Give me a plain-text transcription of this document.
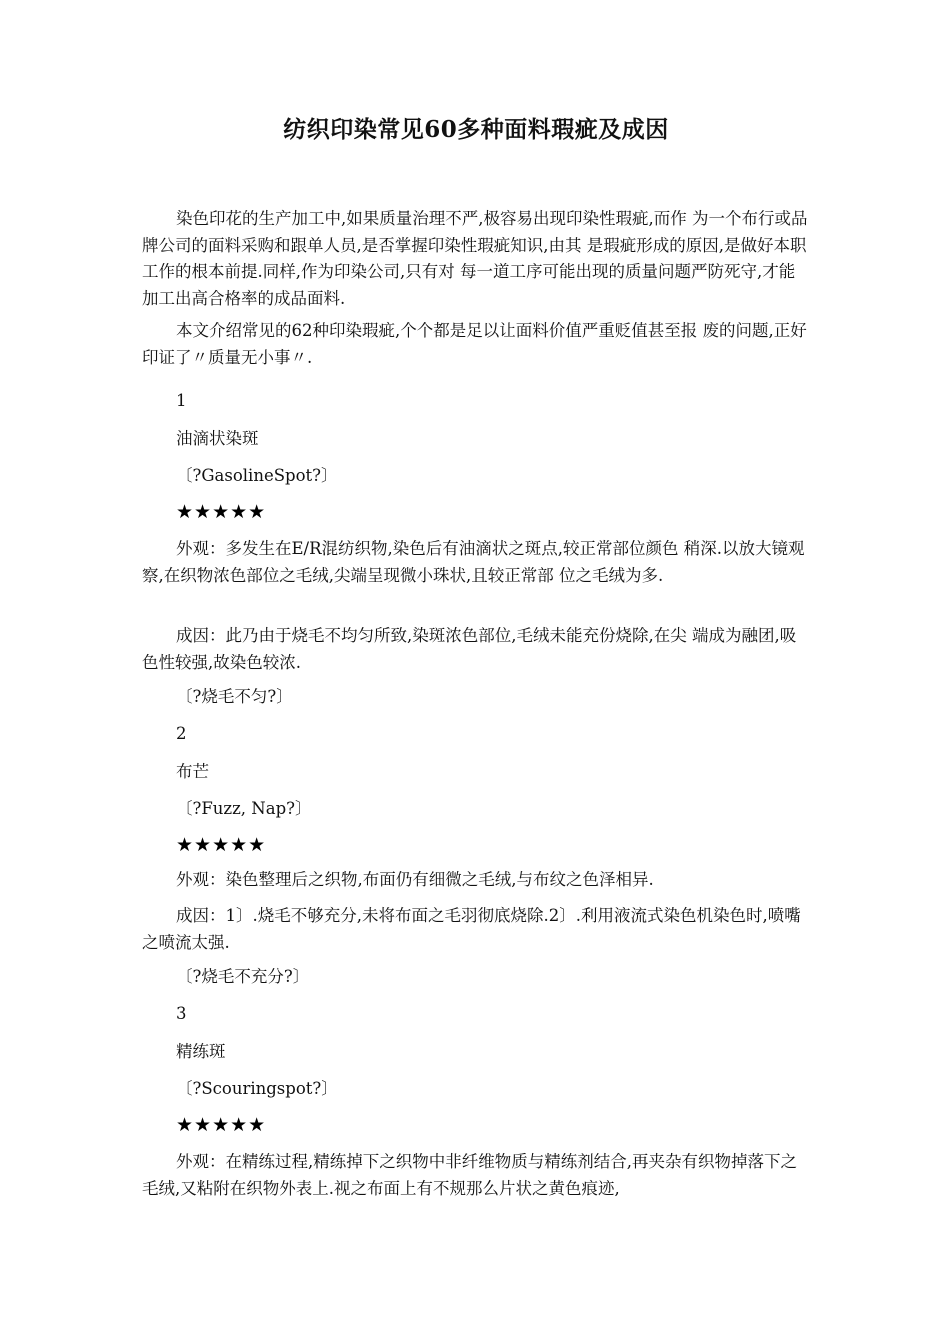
纺织印染常见60多种面料瑕疵及成因

染色印花的生产加工中,如果质量治理不严,极容易出现印染性瑕疵,而作 为一个布行或品牌公司的面料采购和跟单人员,是否掌握印染性瑕疵知识,由其 是瑕疵形成的原因,是做好本职工作的根本前提.同样,作为印染公司,只有对 每一道工序可能出现的质量问题严防死守,才能加工出高合格率的成品面料.

本文介绍常见的62种印染瑕疵,个个都是足以让面料价值严重贬值甚至报 废的问题,正好印证了〃质量无小事〃.

1
油滴状染斑
〔?GasolineSpot?〕
★★★★★

外观：多发生在E/R混纺织物,染色后有油滴状之斑点,较正常部位颜色 稍深.以放大镜观察,在织物浓色部位之毛绒,尖端呈现微小珠状,且较正常部 位之毛绒为多.

成因：此乃由于烧毛不均匀所致,染斑浓色部位,毛绒未能充份烧除,在尖 端成为融团,吸色性较强,故染色较浓.

〔?烧毛不匀?〕
2
布芒
〔?Fuzz, Nap?〕
★★★★★

外观：染色整理后之织物,布面仍有细微之毛绒,与布纹之色泽相异.

成因：1〕.烧毛不够充分,未将布面之毛羽彻底烧除.2〕.利用液流式染色机染色时,喷嘴之喷流太强.

〔?烧毛不充分?〕
3
精练斑
〔?Scouringspot?〕
★★★★★

外观：在精练过程,精练掉下之织物中非纤维物质与精练剂结合,再夹杂有织物掉落下之毛绒,又粘附在织物外表上.视之布面上有不规那么片状之黄色痕迹,
